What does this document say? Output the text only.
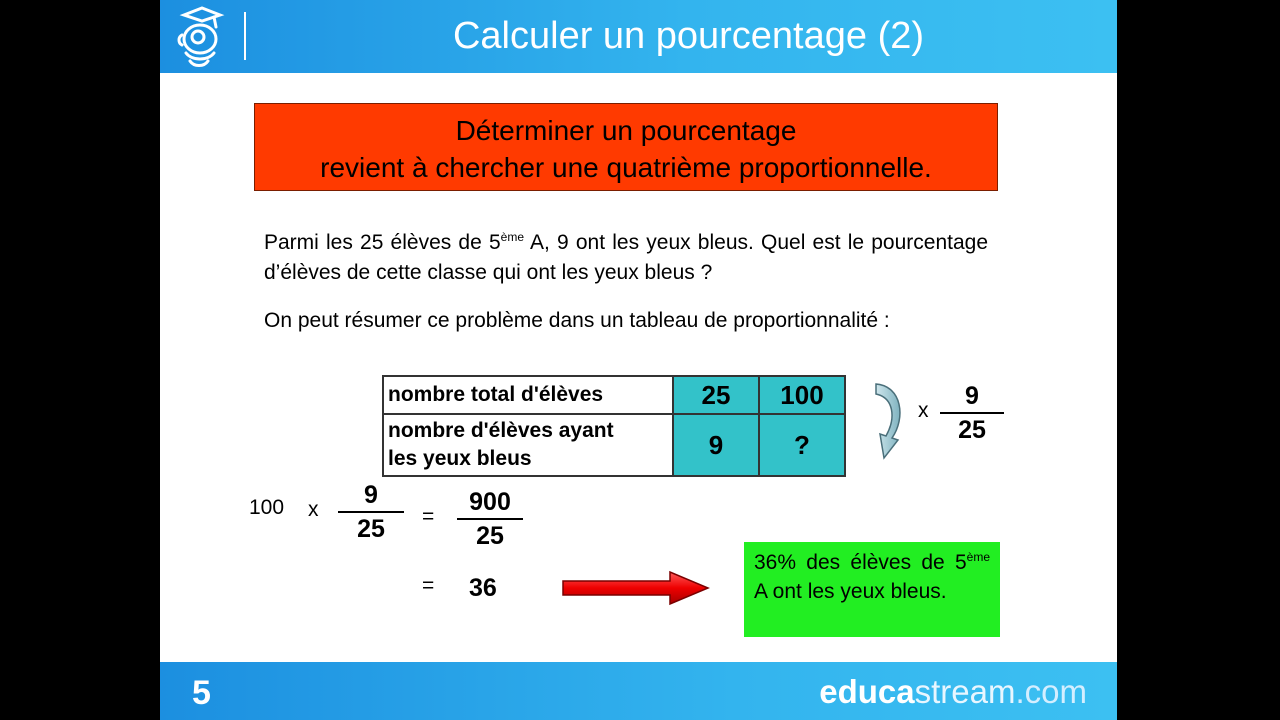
Calculer un pourcentage (2)
Déterminer un pourcentage
revient à chercher une quatrième proportionnelle.
Parmi les 25 élèves de 5ème A, 9 ont les yeux bleus. Quel est le pourcentage d’élèves de cette classe qui ont les yeux bleus ?
On peut résumer ce problème dans un tableau de proportionnalité :
nombre total d'élèves	25	100
nombre d'élèves ayant
les yeux bleus	9	?
x
9
25
100 x
9
25	=
900
25
= 36
36% des élèves de 5ème A ont les yeux bleus.
5	educastream.com
